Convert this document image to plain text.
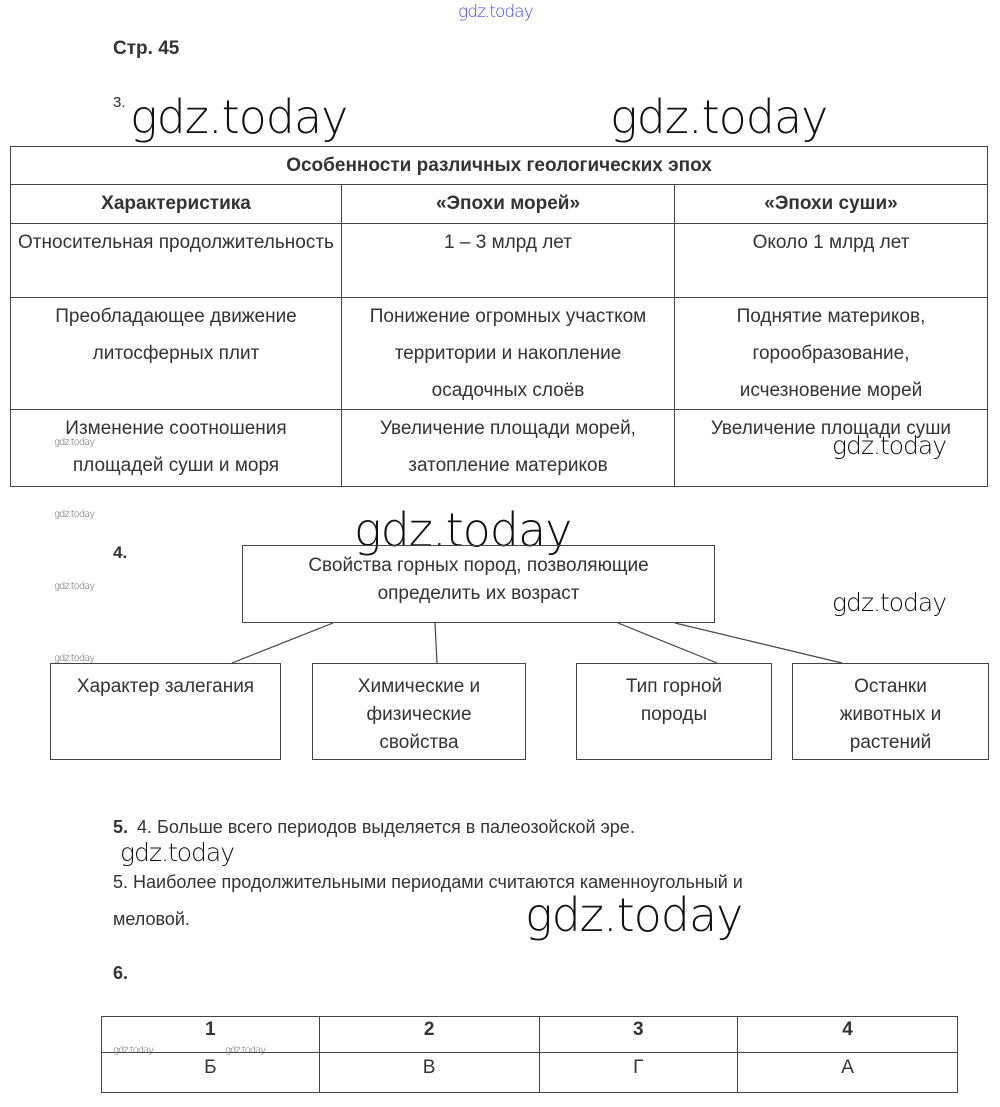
gdz.today
Стр. 45
3. gdz.today	gdz.today
Особенности различных геологических эпох		
Характеристика	«Эпохи морей»	«Эпохи суши»
Относительная продолжительность	1 – 3 млрд лет	Около 1 млрд лет
Преобладающее движение литосферных плит	Понижение огромных участком территории и накопление осадочных слоёв	Поднятие материков, горообразование, исчезновение морей
Изменение соотношения площадей суши и моря	Увеличение площади морей, затопление материков	Увеличение площади суши
gdz.today	gdz.today
gdz.today	gdz.today
4.
gdz.today
gdz.today
gdz.today
Свойства горных пород, позволяющие определить их возраст
Характер залегания	Химические и физические свойства
Тип горной породы
Останки животных и растений
5. 4. Больше всего периодов выделяется в палеозойской эре.
gdz.today
5. Наиболее продолжительными периодами считаются каменноугольный и
меловой.	gdz.today
6.
1	2	3	4
Б	В	Г	А
gdz.today	gdz.today
